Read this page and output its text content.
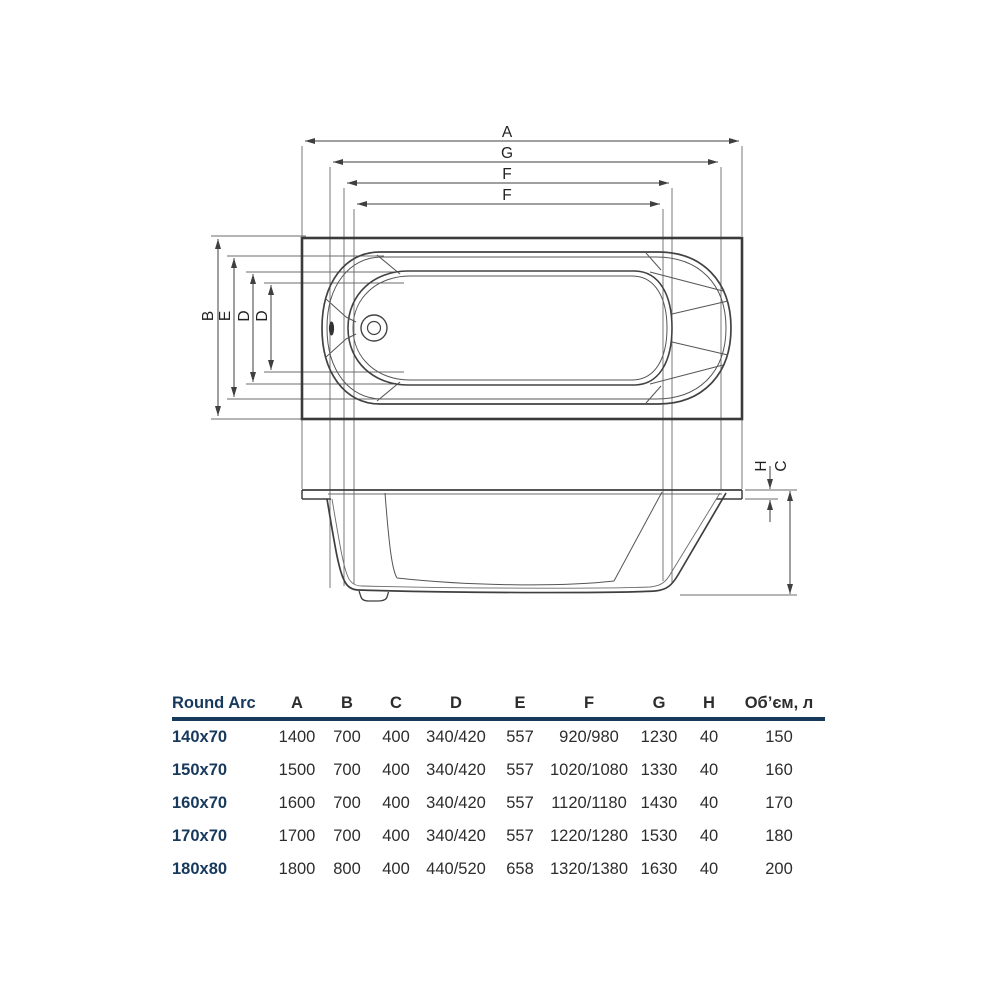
A
G
F
F
B E D D
H C
Round Arc	A	B	C	D	E	F	G	H	Об’єм, л
140x70	1400	700	400 340/420	557	920/980	1230	40	150
150x70	1500	700	400 340/420	557 1020/1080 1330	40	160
160x70	1600	700	400 340/420	557	1120/1180 1430	40	170
170x70	1700	700	400 340/420	557 1220/1280 1530	40	180
180x80	1800	800	400 440/520	658 1320/1380 1630	40	200
